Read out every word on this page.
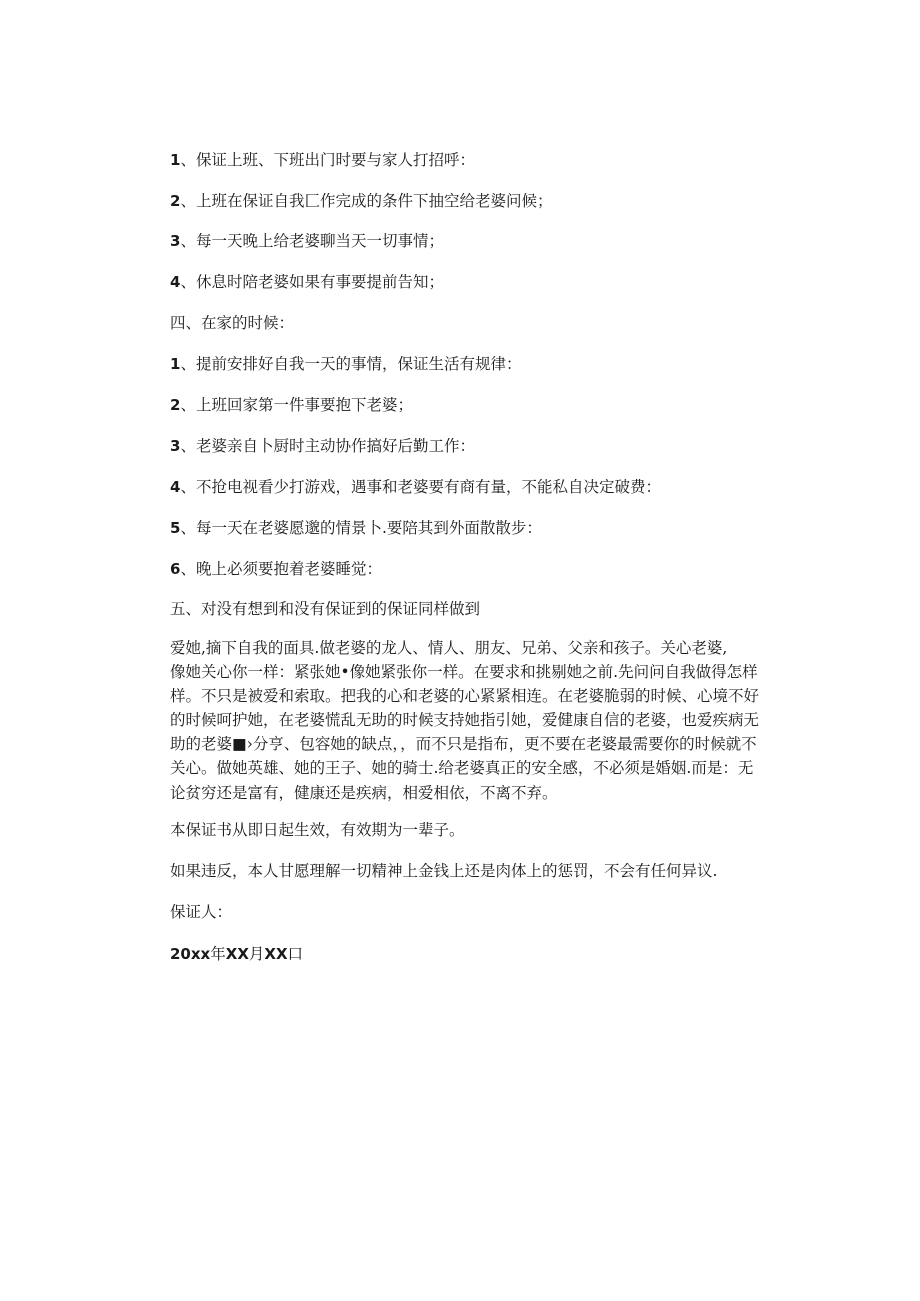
1、保证上班、下班出门时要与家人打招呼：
2、上班在保证自我匚作完成的条件下抽空给老婆问候；
3、每一天晚上给老婆聊当天一切事情；
4、休息时陪老婆如果有事要提前告知；
四、在家的时候：
1、提前安排好自我一天的事情，保证生活有规律：
2、上班回家第一件事要抱下老婆；
3、老婆亲自卜厨时主动协作搞好后勤工作：
4、不抢电视看少打游戏，遇事和老婆要有商有量，不能私自决定破费：
5、每一天在老婆愿邈的情景卜.要陪其到外面散散步：
6、晚上必须要抱着老婆睡觉：
五、对没有想到和没有保证到的保证同样做到
爱她,摘下自我的面具.做老婆的龙人、情人、朋友、兄弟、父亲和孩子。关心老婆,
像她关心你一样：紧张她•像她紧张你一样。在要求和挑剔她之前.先问问自我做得怎样
样。不只是被爱和索取。把我的心和老婆的心紧紧相连。在老婆脆弱的时候、心境不好
的时候呵护她，在老婆慌乱无助的时候支持她指引她，爱健康自信的老婆，也爱疾病无
助的老婆■›分亨、包容她的缺点，，而不只是指布，更不要在老婆最需要你的时候就不
关心。做她英雄、她的王子、她的骑士.给老婆真正的安全感，不必须是婚姻.而是：无
论贫穷还是富有，健康还是疾病，相爱相依，不离不弃。
本保证书从即日起生效，有效期为一辈子。
如果违反，本人甘愿理解一切精神上金钱上还是肉体上的惩罚，不会有任何异议.
保证人：
20xx年XX月XX口
